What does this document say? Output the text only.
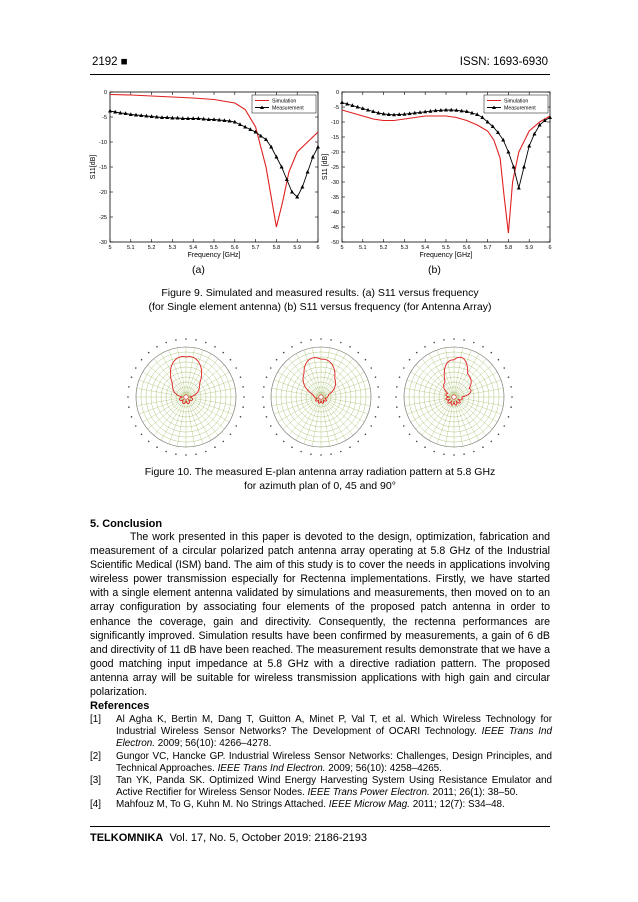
2192 ■	ISSN: 1693-6930
0
-5
-10
-15
-20
-25
-30
5	5.1 5.2 5.3 5.4 5.5 5.6 5.7 5.8 5.9	6
Frequency [GHz]
S11[dB]
Simulation
Measurement
0
-5
-10
-15
-20
-25
-30
-35
-40
-45
-50
5	5.1 5.2 5.3 5.4 5.5 5.6 5.7 5.8 5.9	6
Frequency [GHz]
S11 [dB]
Simulation
Measurement
(a)	(b)
Figure 9. Simulated and measured results. (a) S11 versus frequency
(for Single element antenna) (b) S11 versus frequency (for Antenna Array)
Figure 10. The measured E-plan antenna array radiation pattern at 5.8 GHz
for azimuth plan of 0, 45 and 90°
5. Conclusion
The work presented in this paper is devoted to the design, optimization, fabrication and measurement of a circular polarized patch antenna array operating at 5.8 GHz of the Industrial Scientific Medical (ISM) band. The aim of this study is to cover the needs in applications involving wireless power transmission especially for Rectenna implementations. Firstly, we have started with a single element antenna validated by simulations and measurements, then moved on to an array configuration by associating four elements of the proposed patch antenna in order to enhance the coverage, gain and directivity. Consequently, the rectenna performances are significantly improved. Simulation results have been confirmed by measurements, a gain of 6 dB and directivity of 11 dB have been reached. The measurement results demonstrate that we have a good matching input impedance at 5.8 GHz with a directive radiation pattern. The proposed antenna array will be suitable for wireless transmission applications with high gain and circular polarization.
References
[1]	Al Agha K, Bertin M, Dang T, Guitton A, Minet P, Val T, et al. Which Wireless Technology for Industrial Wireless Sensor Networks? The Development of OCARI Technology. IEEE Trans Ind Electron. 2009; 56(10): 4266–4278.
[2]	Gungor VC, Hancke GP. Industrial Wireless Sensor Networks: Challenges, Design Principles, and Technical Approaches. IEEE Trans Ind Electron. 2009; 56(10): 4258–4265.
[3]	Tan YK, Panda SK. Optimized Wind Energy Harvesting System Using Resistance Emulator and Active Rectifier for Wireless Sensor Nodes. IEEE Trans Power Electron. 2011; 26(1): 38–50.
[4]	Mahfouz M, To G, Kuhn M. No Strings Attached. IEEE Microw Mag. 2011; 12(7): S34–48.
TELKOMNIKA Vol. 17, No. 5, October 2019: 2186-2193
